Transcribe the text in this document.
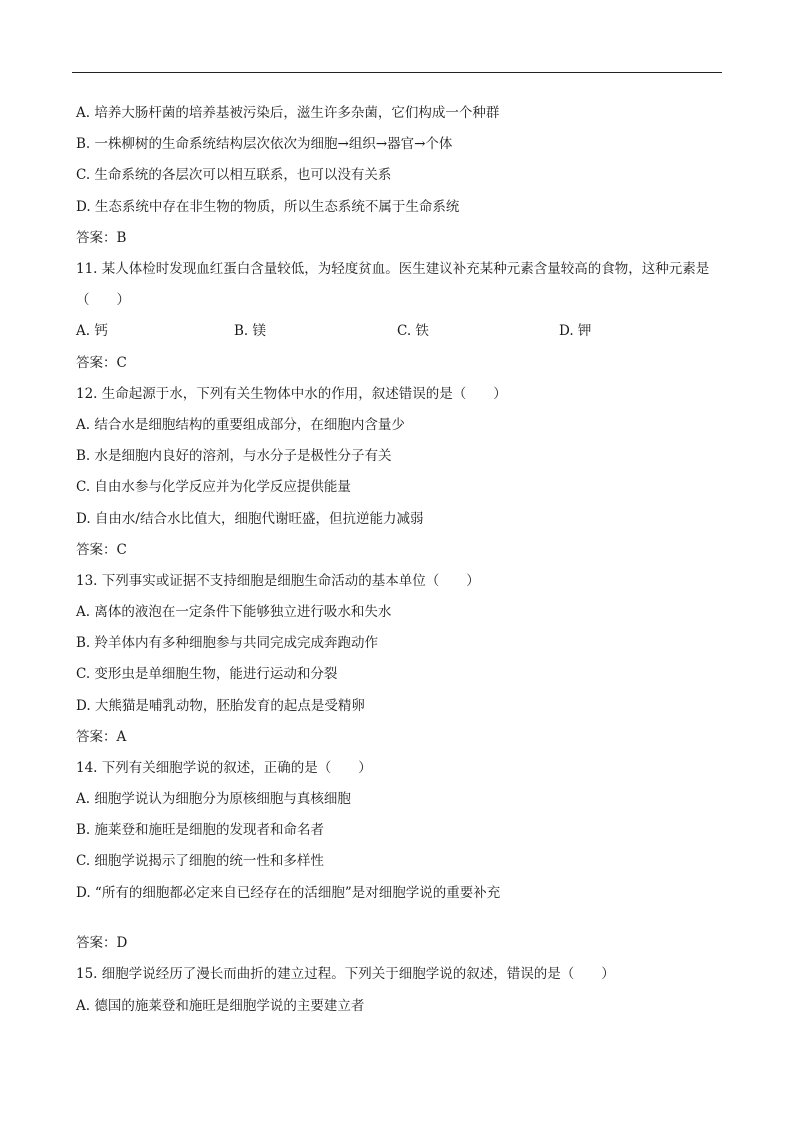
A. 培养大肠杆菌的培养基被污染后，滋生许多杂菌，它们构成一个种群
B. 一株柳树的生命系统结构层次依次为细胞→组织→器官→个体
C. 生命系统的各层次可以相互联系，也可以没有关系
D. 生态系统中存在非生物的物质，所以生态系统不属于生命系统
答案：B
11. 某人体检时发现血红蛋白含量较低，为轻度贫血。医生建议补充某种元素含量较高的食物，这种元素是
（　　）
A. 钙	B. 镁	C. 铁	D. 钾
答案：C
12. 生命起源于水，下列有关生物体中水的作用，叙述错误的是（　　）
A. 结合水是细胞结构的重要组成部分，在细胞内含量少
B. 水是细胞内良好的溶剂，与水分子是极性分子有关
C. 自由水参与化学反应并为化学反应提供能量
D. 自由水/结合水比值大，细胞代谢旺盛，但抗逆能力减弱
答案：C
13. 下列事实或证据不支持细胞是细胞生命活动的基本单位（　　）
A. 离体的液泡在一定条件下能够独立进行吸水和失水
B. 羚羊体内有多种细胞参与共同完成完成奔跑动作
C. 变形虫是单细胞生物，能进行运动和分裂
D. 大熊猫是哺乳动物，胚胎发育的起点是受精卵
答案：A
14. 下列有关细胞学说的叙述，正确的是（　　）
A. 细胞学说认为细胞分为原核细胞与真核细胞
B. 施莱登和施旺是细胞的发现者和命名者
C. 细胞学说揭示了细胞的统一性和多样性
D. “所有的细胞都必定来自已经存在的活细胞”是对细胞学说的重要补充
答案：D
15. 细胞学说经历了漫长而曲折的建立过程。下列关于细胞学说的叙述，错误的是（　　）
A. 德国的施莱登和施旺是细胞学说的主要建立者
